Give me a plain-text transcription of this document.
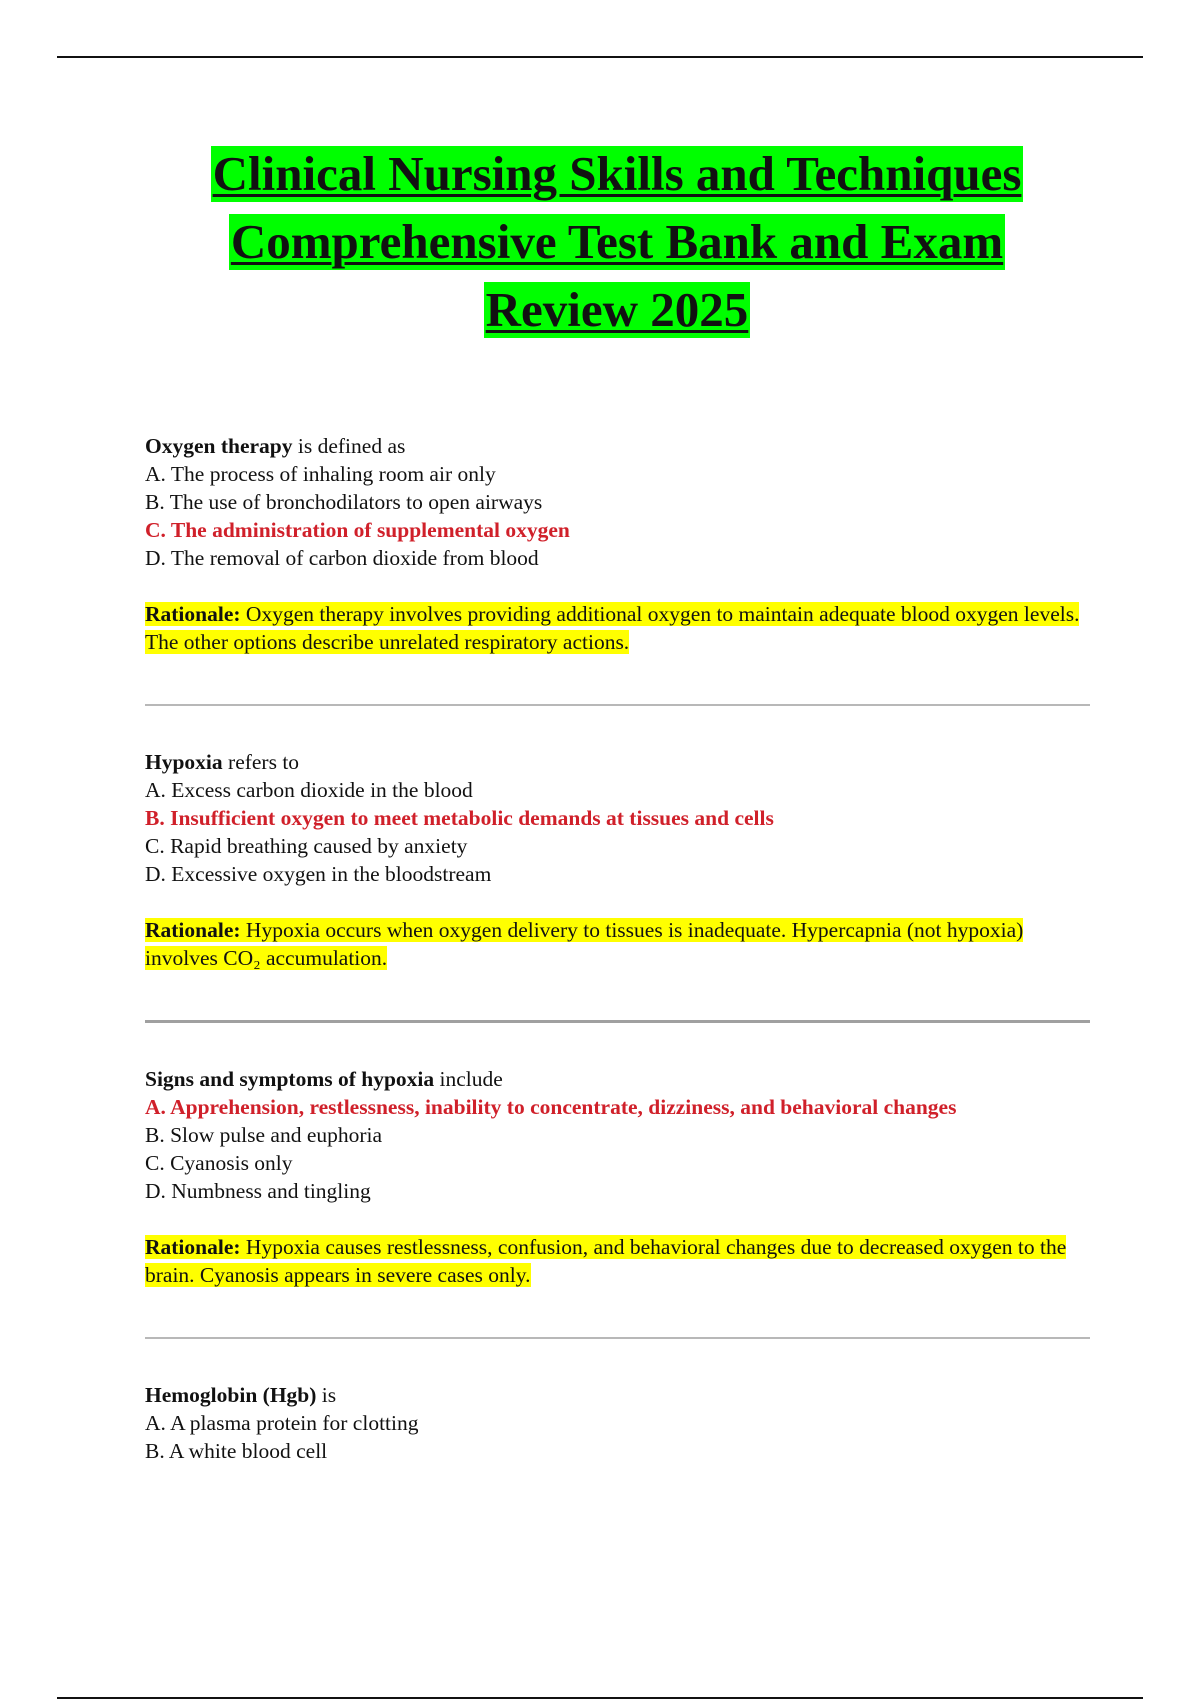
Clinical Nursing Skills and Techniques
Comprehensive Test Bank and Exam
Review 2025
Oxygen therapy is defined as
A. The process of inhaling room air only
B. The use of bronchodilators to open airways
C. The administration of supplemental oxygen
D. The removal of carbon dioxide from blood
Rationale: Oxygen therapy involves providing additional oxygen to maintain adequate blood oxygen levels. The other options describe unrelated respiratory actions.
Hypoxia refers to
A. Excess carbon dioxide in the blood
B. Insufficient oxygen to meet metabolic demands at tissues and cells
C. Rapid breathing caused by anxiety
D. Excessive oxygen in the bloodstream
Rationale: Hypoxia occurs when oxygen delivery to tissues is inadequate. Hypercapnia (not hypoxia) involves CO₂ accumulation.
Signs and symptoms of hypoxia include
A. Apprehension, restlessness, inability to concentrate, dizziness, and behavioral changes
B. Slow pulse and euphoria
C. Cyanosis only
D. Numbness and tingling
Rationale: Hypoxia causes restlessness, confusion, and behavioral changes due to decreased oxygen to the brain. Cyanosis appears in severe cases only.
Hemoglobin (Hgb) is
A. A plasma protein for clotting
B. A white blood cell
